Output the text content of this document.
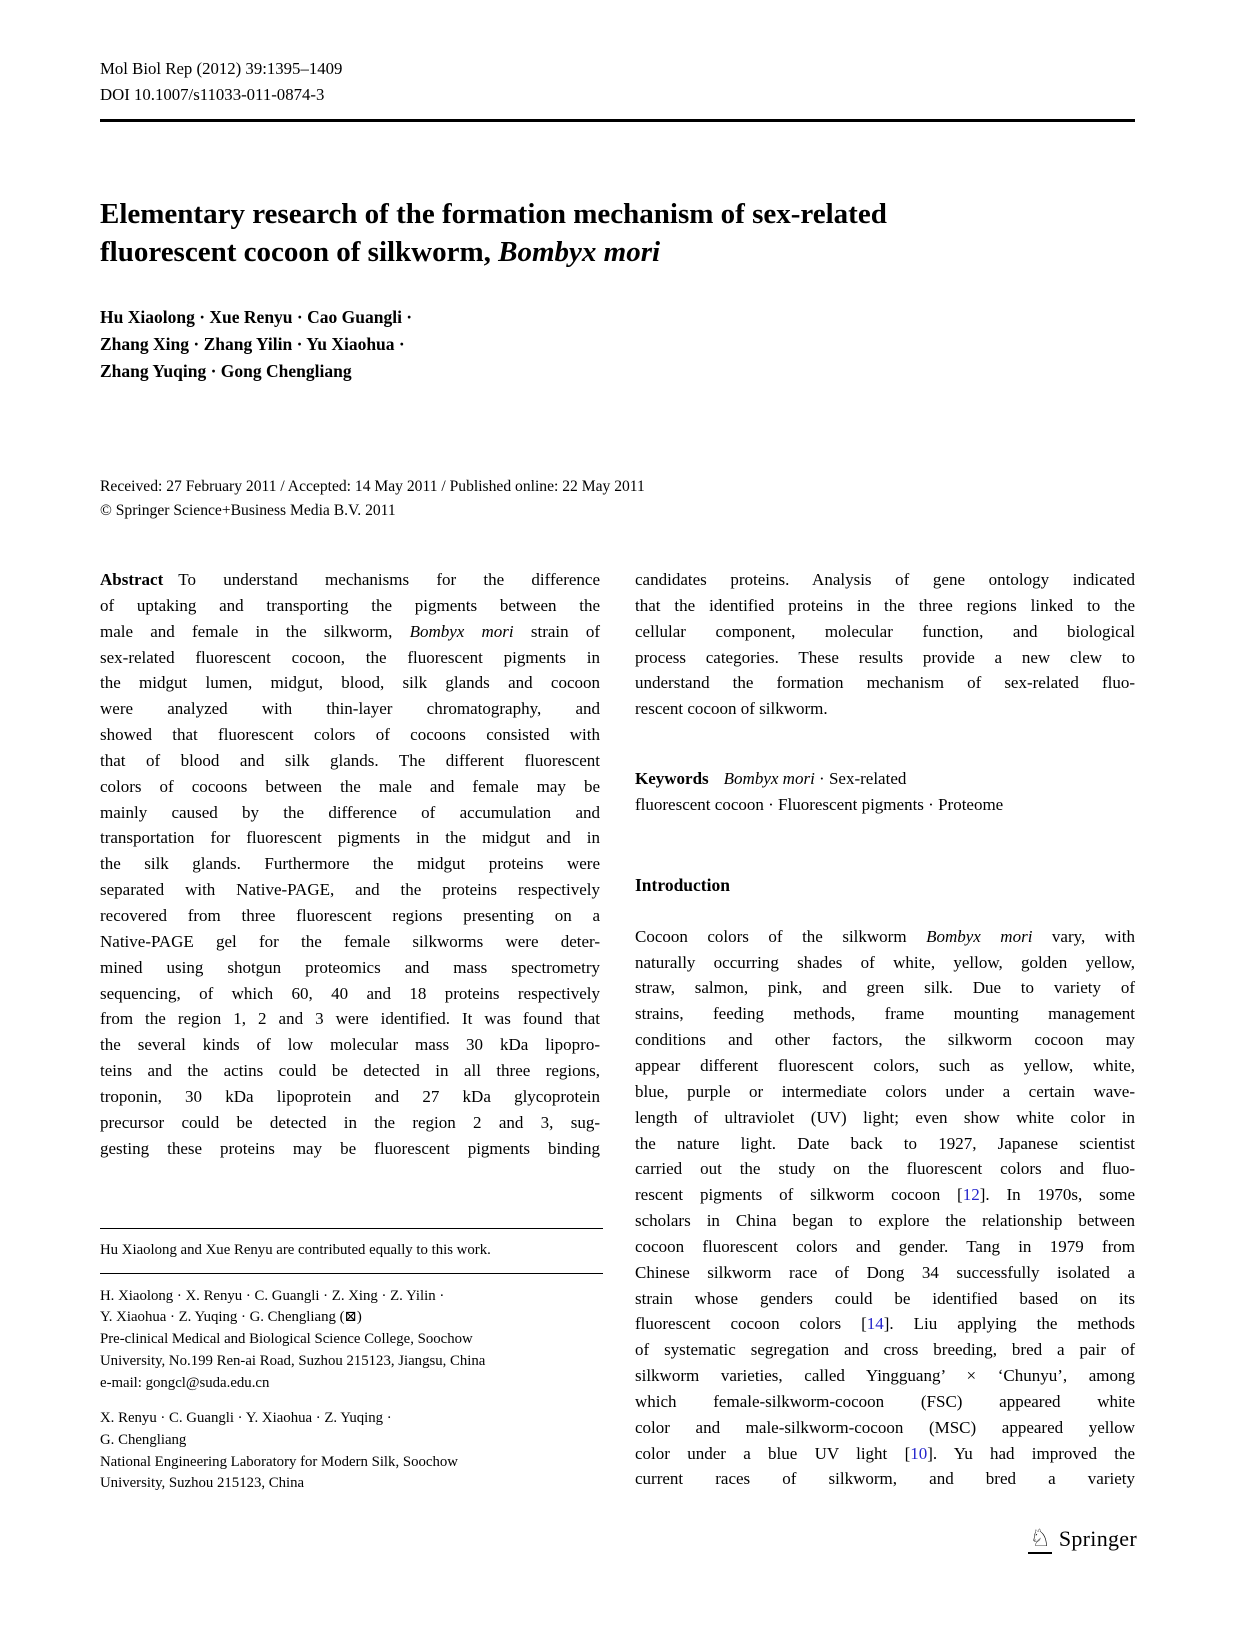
Mol Biol Rep (2012) 39:1395–1409
DOI 10.1007/s11033-011-0874-3
Elementary research of the formation mechanism of sex-related
fluorescent cocoon of silkworm, Bombyx mori
Hu Xiaolong · Xue Renyu · Cao Guangli ·
Zhang Xing · Zhang Yilin · Yu Xiaohua ·
Zhang Yuqing · Gong Chengliang
Received: 27 February 2011 / Accepted: 14 May 2011 / Published online: 22 May 2011
© Springer Science+Business Media B.V. 2011
Abstract To understand mechanisms for the difference
of uptaking and transporting the pigments between the
male and female in the silkworm, Bombyx mori strain of
sex-related fluorescent cocoon, the fluorescent pigments in
the midgut lumen, midgut, blood, silk glands and cocoon
were analyzed with thin-layer chromatography, and
showed that fluorescent colors of cocoons consisted with
that of blood and silk glands. The different fluorescent
colors of cocoons between the male and female may be
mainly caused by the difference of accumulation and
transportation for fluorescent pigments in the midgut and in
the silk glands. Furthermore the midgut proteins were
separated with Native-PAGE, and the proteins respectively
recovered from three fluorescent regions presenting on a
Native-PAGE gel for the female silkworms were deter-
mined using shotgun proteomics and mass spectrometry
sequencing, of which 60, 40 and 18 proteins respectively
from the region 1, 2 and 3 were identified. It was found that
the several kinds of low molecular mass 30 kDa lipopro-
teins and the actins could be detected in all three regions,
troponin, 30 kDa lipoprotein and 27 kDa glycoprotein
precursor could be detected in the region 2 and 3, sug-
gesting these proteins may be fluorescent pigments binding
candidates proteins. Analysis of gene ontology indicated
that the identified proteins in the three regions linked to the
cellular component, molecular function, and biological
process categories. These results provide a new clew to
understand the formation mechanism of sex-related fluo-
rescent cocoon of silkworm.
Keywords Bombyx mori · Sex-related
fluorescent cocoon · Fluorescent pigments · Proteome
Introduction
Cocoon colors of the silkworm Bombyx mori vary, with
naturally occurring shades of white, yellow, golden yellow,
straw, salmon, pink, and green silk. Due to variety of
strains, feeding methods, frame mounting management
conditions and other factors, the silkworm cocoon may
appear different fluorescent colors, such as yellow, white,
blue, purple or intermediate colors under a certain wave-
length of ultraviolet (UV) light; even show white color in
the nature light. Date back to 1927, Japanese scientist
carried out the study on the fluorescent colors and fluo-
rescent pigments of silkworm cocoon [12]. In 1970s, some
scholars in China began to explore the relationship between
cocoon fluorescent colors and gender. Tang in 1979 from
Chinese silkworm race of Dong 34 successfully isolated a
strain whose genders could be identified based on its
fluorescent cocoon colors [14]. Liu applying the methods
of systematic segregation and cross breeding, bred a pair of
silkworm varieties, called Yingguang’ × ‘Chunyu’, among
which female-silkworm-cocoon (FSC) appeared white
color and male-silkworm-cocoon (MSC) appeared yellow
color under a blue UV light [10]. Yu had improved the
current races of silkworm, and bred a variety
Hu Xiaolong and Xue Renyu are contributed equally to this work.
H. Xiaolong · X. Renyu · C. Guangli · Z. Xing · Z. Yilin ·
Y. Xiaohua · Z. Yuqing · G. Chengliang (⊠)
Pre-clinical Medical and Biological Science College, Soochow
University, No.199 Ren-ai Road, Suzhou 215123, Jiangsu, China
e-mail: gongcl@suda.edu.cn
X. Renyu · C. Guangli · Y. Xiaohua · Z. Yuqing ·
G. Chengliang
National Engineering Laboratory for Modern Silk, Soochow
University, Suzhou 215123, China
♘ Springer
